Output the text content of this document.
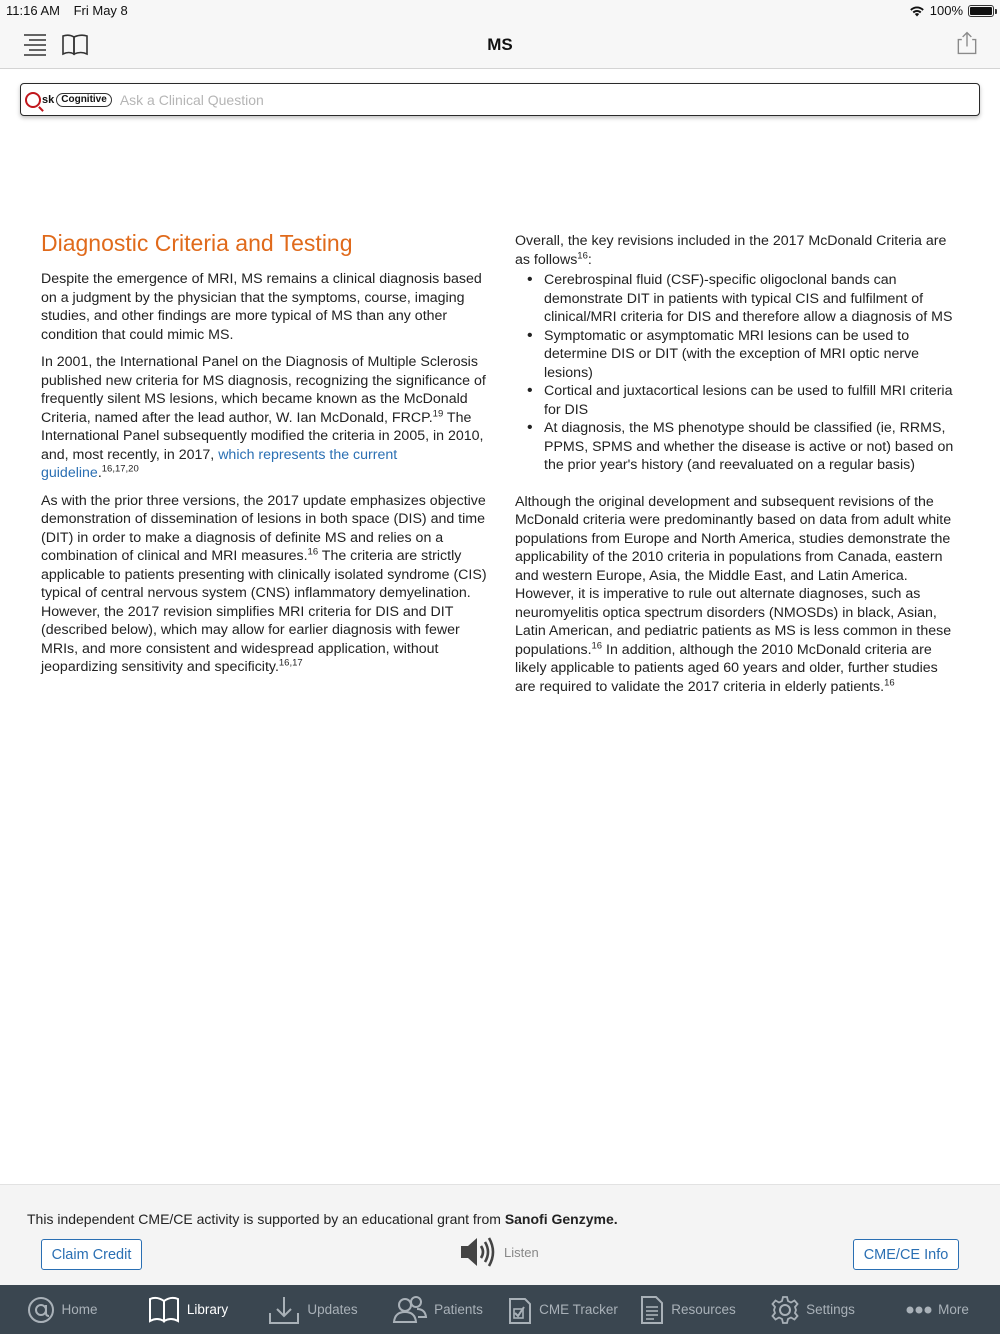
11:16 AM Fri May 8	100%
MS
sk Cognitive
Ask a Clinical Question
Diagnostic Criteria and Testing

Despite the emergence of MRI, MS remains a clinical diagnosis based on a judgment by the physician that the symptoms, course, imaging studies, and other findings are more typical of MS than any other condition that could mimic MS.

In 2001, the International Panel on the Diagnosis of Multiple Sclerosis published new criteria for MS diagnosis, recognizing the significance of frequently silent MS lesions, which became known as the McDonald Criteria, named after the lead author, W. Ian McDonald, FRCP.$^{19}$ The International Panel subsequently modified the criteria in 2005, in 2010, and, most recently, in 2017, which represents the current guideline.$^{16,17,20}$

As with the prior three versions, the 2017 update emphasizes objective demonstration of dissemination of lesions in both space (DIS) and time (DIT) in order to make a diagnosis of definite MS and relies on a combination of clinical and MRI measures.$^{16}$ The criteria are strictly applicable to patients presenting with clinically isolated syndrome (CIS) typical of central nervous system (CNS) inflammatory demyelination. However, the 2017 revision simplifies MRI criteria for DIS and DIT (described below), which may allow for earlier diagnosis with fewer MRIs, and more consistent and widespread application, without jeopardizing sensitivity and specificity.$^{16,17}$

Overall, the key revisions included in the 2017 McDonald Criteria are as follows$^{16}$:

• Cerebrospinal fluid (CSF)-specific oligoclonal bands can demonstrate DIT in patients with typical CIS and fulfilment of clinical/MRI criteria for DIS and therefore allow a diagnosis of MS
• Symptomatic or asymptomatic MRI lesions can be used to determine DIS or DIT (with the exception of MRI optic nerve lesions)
• Cortical and juxtacortical lesions can be used to fulfill MRI criteria for DIS
• At diagnosis, the MS phenotype should be classified (ie, RRMS, PPMS, SPMS and whether the disease is active or not) based on the prior year's history (and reevaluated on a regular basis)

Although the original development and subsequent revisions of the McDonald criteria were predominantly based on data from adult white populations from Europe and North America, studies demonstrate the applicability of the 2010 criteria in populations from Canada, eastern and western Europe, Asia, the Middle East, and Latin America. However, it is imperative to rule out alternate diagnoses, such as neuromyelitis optica spectrum disorders (NMOSDs) in black, Asian, Latin American, and pediatric patients as MS is less common in these populations.$^{16}$ In addition, although the 2010 McDonald criteria are likely applicable to patients aged 60 years and older, further studies are required to validate the 2017 criteria in elderly patients.$^{16}$

This independent CME/CE activity is supported by an educational grant from Sanofi Genzyme.
Claim Credit	Listen	CME/CE Info
Home	Library	Updates	Patients	CME Tracker	Resources	Settings	More
